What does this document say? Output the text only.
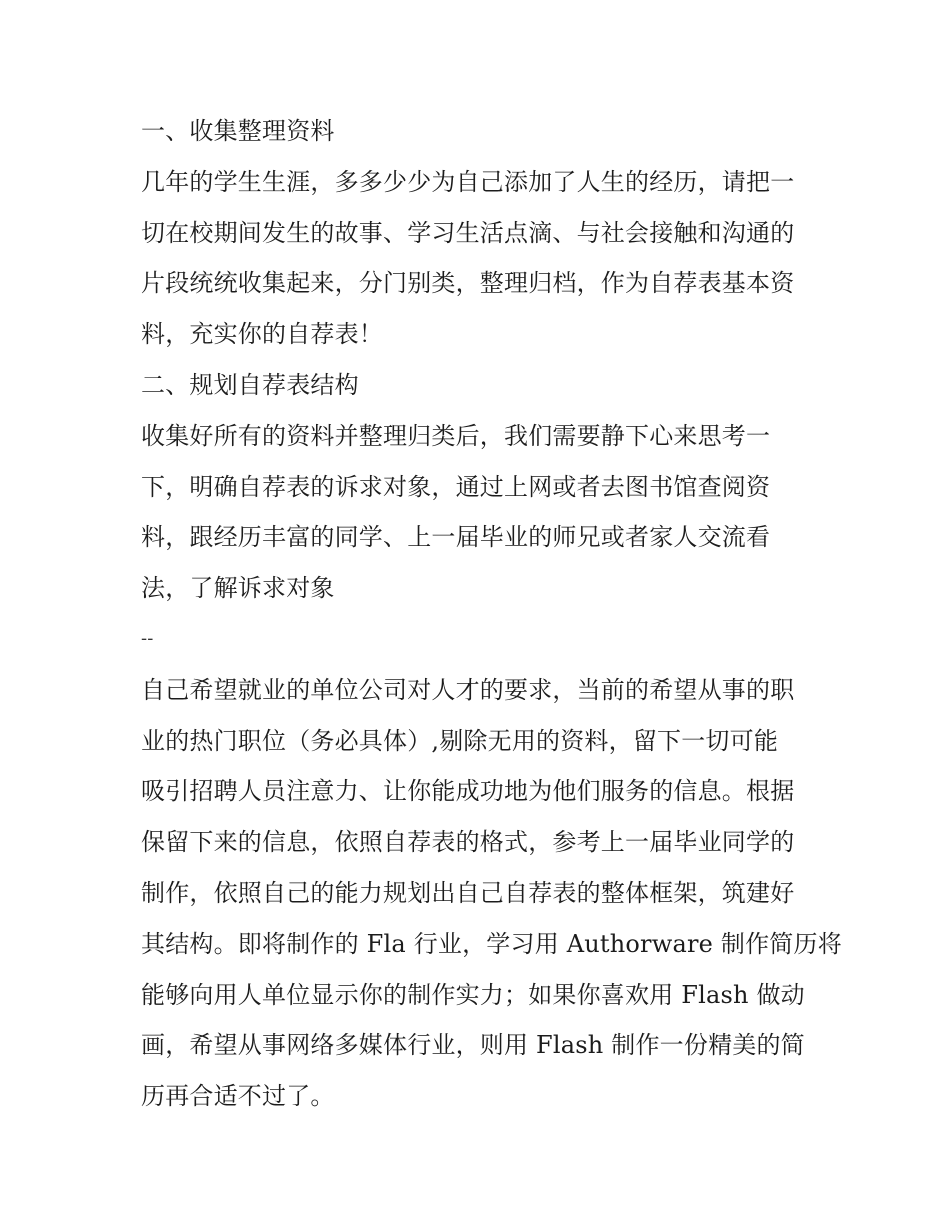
一、收集整理资料
几年的学生生涯，多多少少为自己添加了人生的经历，请把一
切在校期间发生的故事、学习生活点滴、与社会接触和沟通的
片段统统收集起来，分门别类，整理归档，作为自荐表基本资
料，充实你的自荐表！
二、规划自荐表结构
收集好所有的资料并整理归类后，我们需要静下心来思考一
下，明确自荐表的诉求对象，通过上网或者去图书馆查阅资
料，跟经历丰富的同学、上一届毕业的师兄或者家人交流看
法，了解诉求对象
--
自己希望就业的单位公司对人才的要求，当前的希望从事的职
业的热门职位（务必具体）,剔除无用的资料，留下一切可能
吸引招聘人员注意力、让你能成功地为他们服务的信息。根据
保留下来的信息，依照自荐表的格式，参考上一届毕业同学的
制作，依照自己的能力规划出自己自荐表的整体框架，筑建好
其结构。即将制作的 Fla 行业，学习用 Authorware 制作简历将
能够向用人单位显示你的制作实力；如果你喜欢用 Flash 做动
画，希望从事网络多媒体行业，则用 Flash 制作一份精美的简
历再合适不过了。
